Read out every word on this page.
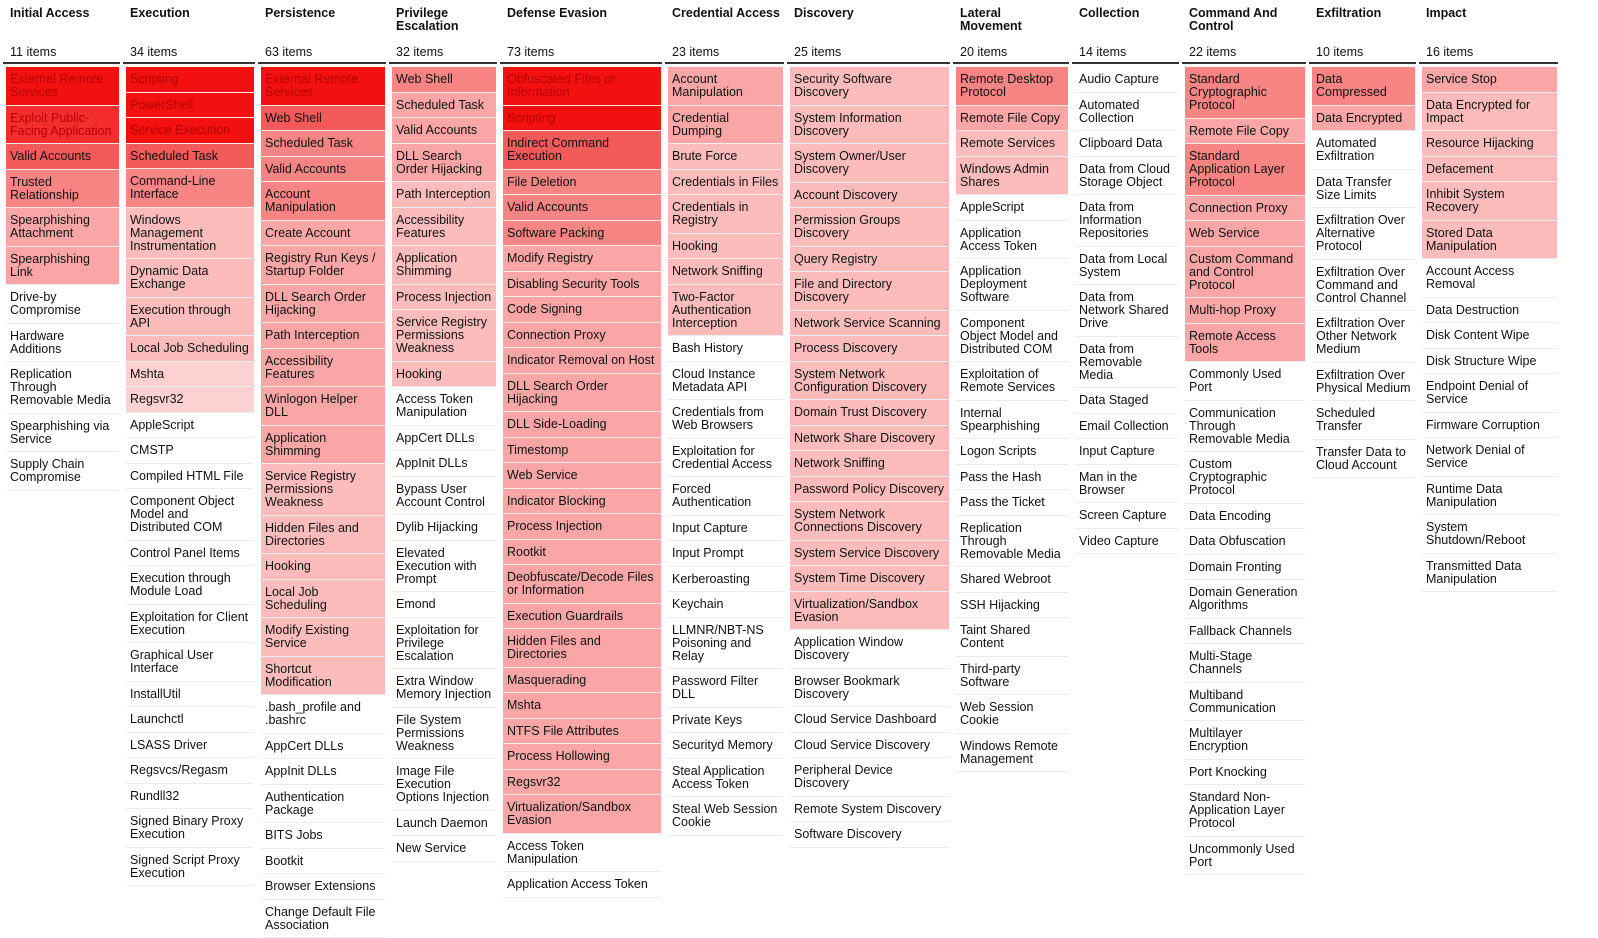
Initial Access
11 items
External Remote Services
Exploit Public-Facing Application
Valid Accounts
Trusted Relationship
Spearphishing Attachment
Spearphishing Link
Drive-by Compromise
Hardware Additions
Replication Through Removable Media
Spearphishing via Service
Supply Chain Compromise
Execution
34 items
Scripting
PowerShell
Service Execution
Scheduled Task
Command-Line Interface
Windows Management Instrumentation
Dynamic Data Exchange
Execution through API
Local Job Scheduling
Mshta
Regsvr32
AppleScript
CMSTP
Compiled HTML File
Component Object Model and Distributed COM
Control Panel Items
Execution through Module Load
Exploitation for Client Execution
Graphical User Interface
InstallUtil
Launchctl
LSASS Driver
Regsvcs/Regasm
Rundll32
Signed Binary Proxy Execution
Signed Script Proxy Execution
Persistence
63 items
External Remote Services
Web Shell
Scheduled Task
Valid Accounts
Account Manipulation
Create Account
Registry Run Keys / Startup Folder
DLL Search Order Hijacking
Path Interception
Accessibility Features
Winlogon Helper DLL
Application Shimming
Service Registry Permissions Weakness
Hidden Files and Directories
Hooking
Local Job Scheduling
Modify Existing Service
Shortcut Modification
.bash_profile and .bashrc
AppCert DLLs
AppInit DLLs
Authentication Package
BITS Jobs
Bootkit
Browser Extensions
Change Default File Association
Privilege Escalation
32 items
Web Shell
Scheduled Task
Valid Accounts
DLL Search Order Hijacking
Path Interception
Accessibility Features
Application Shimming
Process Injection
Service Registry Permissions Weakness
Hooking
Access Token Manipulation
AppCert DLLs
AppInit DLLs
Bypass User Account Control
Dylib Hijacking
Elevated Execution with Prompt
Emond
Exploitation for Privilege Escalation
Extra Window Memory Injection
File System Permissions Weakness
Image File Execution Options Injection
Launch Daemon
New Service
Defense Evasion
73 items
Obfuscated Files or Information
Scripting
Indirect Command Execution
File Deletion
Valid Accounts
Software Packing
Modify Registry
Disabling Security Tools
Code Signing
Connection Proxy
Indicator Removal on Host
DLL Search Order Hijacking
DLL Side-Loading
Timestomp
Web Service
Indicator Blocking
Process Injection
Rootkit
Deobfuscate/Decode Files or Information
Execution Guardrails
Hidden Files and Directories
Masquerading
Mshta
NTFS File Attributes
Process Hollowing
Regsvr32
Virtualization/Sandbox Evasion
Access Token Manipulation
Application Access Token
Credential Access
23 items
Account Manipulation
Credential Dumping
Brute Force
Credentials in Files
Credentials in Registry
Hooking
Network Sniffing
Two-Factor Authentication Interception
Bash History
Cloud Instance Metadata API
Credentials from Web Browsers
Exploitation for Credential Access
Forced Authentication
Input Capture
Input Prompt
Kerberoasting
Keychain
LLMNR/NBT-NS Poisoning and Relay
Password Filter DLL
Private Keys
Securityd Memory
Steal Application Access Token
Steal Web Session Cookie
Discovery
25 items
Security Software Discovery
System Information Discovery
System Owner/User Discovery
Account Discovery
Permission Groups Discovery
Query Registry
File and Directory Discovery
Network Service Scanning
Process Discovery
System Network Configuration Discovery
Domain Trust Discovery
Network Share Discovery
Network Sniffing
Password Policy Discovery
System Network Connections Discovery
System Service Discovery
System Time Discovery
Virtualization/Sandbox Evasion
Application Window Discovery
Browser Bookmark Discovery
Cloud Service Dashboard
Cloud Service Discovery
Peripheral Device Discovery
Remote System Discovery
Software Discovery
Lateral Movement
20 items
Remote Desktop Protocol
Remote File Copy
Remote Services
Windows Admin Shares
AppleScript
Application Access Token
Application Deployment Software
Component Object Model and Distributed COM
Exploitation of Remote Services
Internal Spearphishing
Logon Scripts
Pass the Hash
Pass the Ticket
Replication Through Removable Media
Shared Webroot
SSH Hijacking
Taint Shared Content
Third-party Software
Web Session Cookie
Windows Remote Management
Collection
14 items
Audio Capture
Automated Collection
Clipboard Data
Data from Cloud Storage Object
Data from Information Repositories
Data from Local System
Data from Network Shared Drive
Data from Removable Media
Data Staged
Email Collection
Input Capture
Man in the Browser
Screen Capture
Video Capture
Command And Control
22 items
Standard Cryptographic Protocol
Remote File Copy
Standard Application Layer Protocol
Connection Proxy
Web Service
Custom Command and Control Protocol
Multi-hop Proxy
Remote Access Tools
Commonly Used Port
Communication Through Removable Media
Custom Cryptographic Protocol
Data Encoding
Data Obfuscation
Domain Fronting
Domain Generation Algorithms
Fallback Channels
Multi-Stage Channels
Multiband Communication
Multilayer Encryption
Port Knocking
Standard Non-Application Layer Protocol
Uncommonly Used Port
Exfiltration
10 items
Data Compressed
Data Encrypted
Automated Exfiltration
Data Transfer Size Limits
Exfiltration Over Alternative Protocol
Exfiltration Over Command and Control Channel
Exfiltration Over Other Network Medium
Exfiltration Over Physical Medium
Scheduled Transfer
Transfer Data to Cloud Account
Impact
16 items
Service Stop
Data Encrypted for Impact
Resource Hijacking
Defacement
Inhibit System Recovery
Stored Data Manipulation
Account Access Removal
Data Destruction
Disk Content Wipe
Disk Structure Wipe
Endpoint Denial of Service
Firmware Corruption
Network Denial of Service
Runtime Data Manipulation
System Shutdown/Reboot
Transmitted Data Manipulation
